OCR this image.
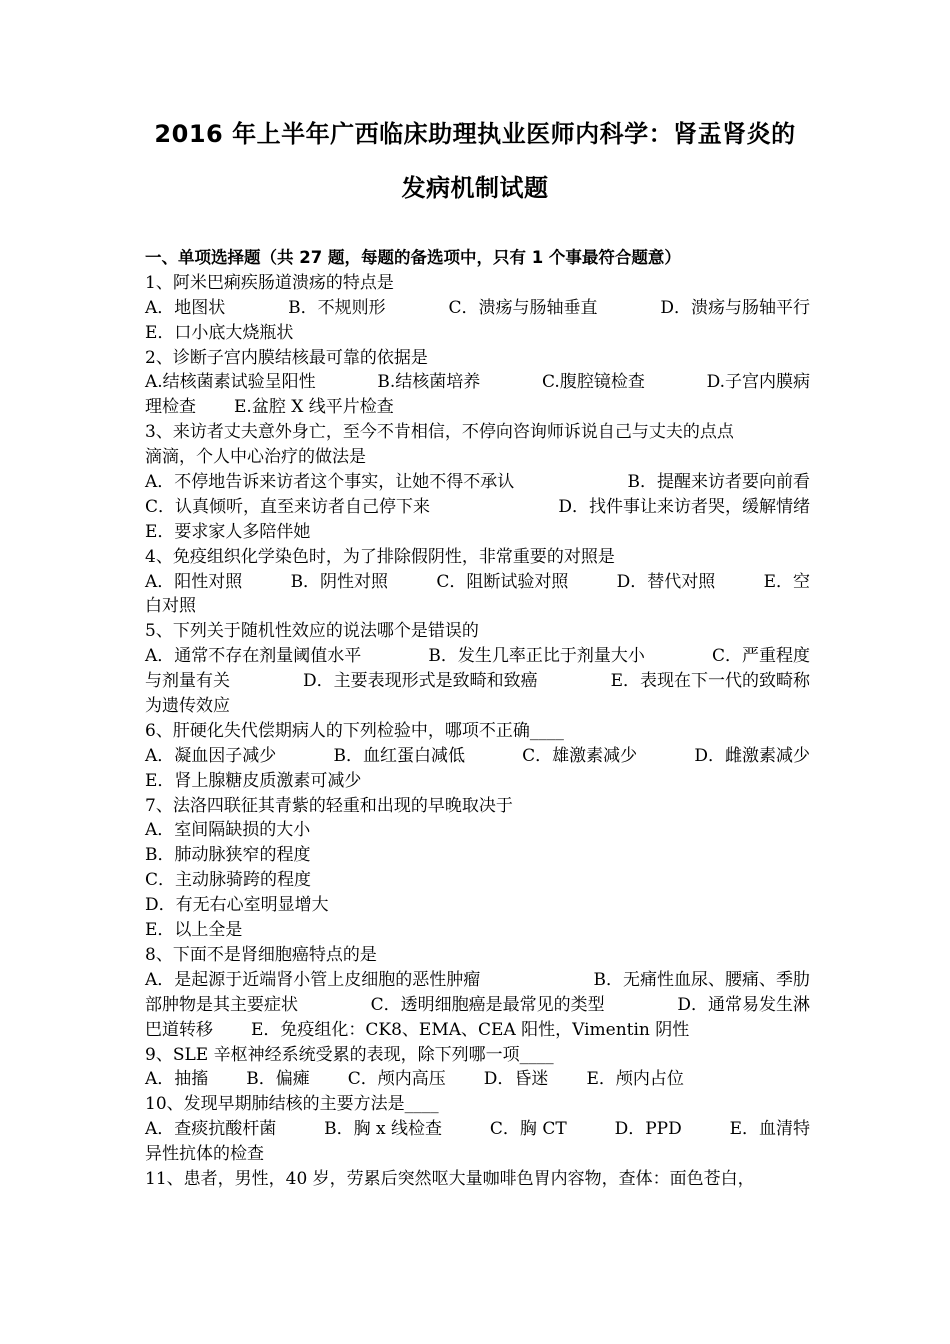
2016 年上半年广西临床助理执业医师内科学：肾盂肾炎的
发病机制试题
一、单项选择题（共 27 题，每题的备选项中，只有 1 个事最符合题意）
1、阿米巴痢疾肠道溃疡的特点是
A．地图状	B．不规则形	C．溃疡与肠轴垂直	D．溃疡与肠轴平行
E．口小底大烧瓶状
2、诊断子宫内膜结核最可靠的依据是
A.结核菌素试验呈阳性	B.结核菌培养	C.腹腔镜检查	D.子宫内膜病
理检查 E.盆腔 X 线平片检查
3、来访者丈夫意外身亡，至今不肯相信，不停向咨询师诉说自己与丈夫的点点
滴滴，个人中心治疗的做法是
A．不停地告诉来访者这个事实，让她不得不承认	B．提醒来访者要向前看
C．认真倾听，直至来访者自己停下来	D．找件事让来访者哭，缓解情绪
E．要求家人多陪伴她
4、免疫组织化学染色时，为了排除假阴性，非常重要的对照是
A．阳性对照	B．阴性对照	C．阻断试验对照	D．替代对照	E．空
白对照
5、下列关于随机性效应的说法哪个是错误的
A．通常不存在剂量阈值水平	B．发生几率正比于剂量大小	C．严重程度
与剂量有关	D．主要表现形式是致畸和致癌	E．表现在下一代的致畸称
为遗传效应
6、肝硬化失代偿期病人的下列检验中，哪项不正确____
A．凝血因子减少	B．血红蛋白减低	C．雄激素减少	D．雌激素减少
E．肾上腺糖皮质激素可减少
7、法洛四联征其青紫的轻重和出现的早晚取决于
A．室间隔缺损的大小
B．肺动脉狭窄的程度
C．主动脉骑跨的程度
D．有无右心室明显增大
E．以上全是
8、下面不是肾细胞癌特点的是
A．是起源于近端肾小管上皮细胞的恶性肿瘤	B．无痛性血尿、腰痛、季肋
部肿物是其主要症状	C．透明细胞癌是最常见的类型	D．通常易发生淋
巴道转移 E．免疫组化：CK8、EMA、CEA 阳性，Vimentin 阴性
9、SLE 辛枢神经系统受累的表现，除下列哪一项____
A．抽搐 B．偏瘫 C．颅内高压 D．昏迷 E．颅内占位
10、发现早期肺结核的主要方法是____
A．查痰抗酸杆菌	B．胸 x 线检查	C．胸 CT	D．PPD	E．血清特
异性抗体的检查
11、患者，男性，40 岁，劳累后突然呕大量咖啡色胃内容物，查体：面色苍白，
